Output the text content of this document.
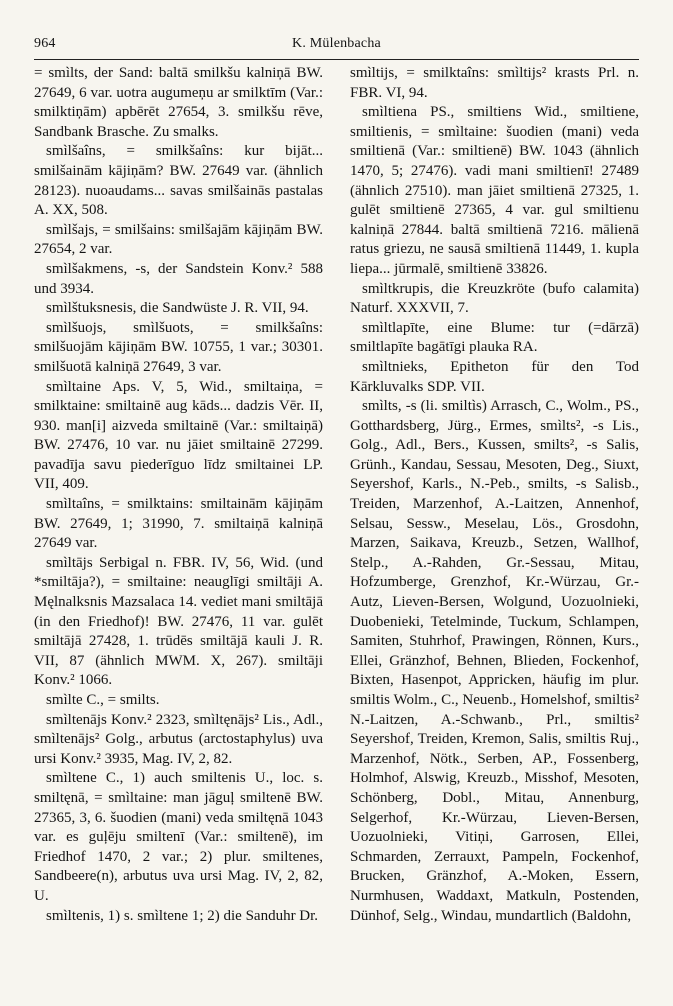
964	K. Mülenbacha

= smìlts, der Sand: baltā smilkšu kalniņā BW. 27649, 6 var. uotra augumeņu ar smilktīm (Var.: smilktiņām) apbērēt 27654, 3. smilkšu rēve, Sandbank Brasche. Zu smalks.

smìlšaîns, = smilkšaîns: kur bijāt... smilšainām kājiņām? BW. 27649 var. (ähnlich 28123). nuoaudams... savas smilšainās pastalas A. XX, 508.

smìlšajs, = smilšains: smilšajām kājiņām BW. 27654, 2 var.

smìlšakmens, -s, der Sandstein Konv.² 588 und 3934.

smìlštuksnesis, die Sandwüste J. R. VII, 94.

smìlšuojs, smìlšuots, = smilkšaîns: smilšuojām kājiņām BW. 10755, 1 var.; 30301. smilšuotā kalniņā 27649, 3 var.

smìltaine Aps. V, 5, Wid., smiltaiņa, = smilktaine: smiltainē aug kāds... dadzis Vēr. II, 930. man[i] aizveda smiltainē (Var.: smiltaiņā) BW. 27476, 10 var. nu jāiet smiltainē 27299. pavadīja savu piederīguo līdz smiltainei LP. VII, 409.

smìltaîns, = smilktains: smiltainām kājiņām BW. 27649, 1; 31990, 7. smiltaiņā kalniņā 27649 var.

smìltājs Serbigal n. FBR. IV, 56, Wid. (und *smiltāja?), = smiltaine: neauglīgi smiltāji A. Męlnalksnis Mazsalaca 14. vediet mani smiltājā (in den Friedhof)! BW. 27476, 11 var. gulēt smiltājā 27428, 1. trūdēs smiltājā kauli J. R. VII, 87 (ähnlich MWM. X, 267). smiltāji Konv.² 1066.

smìlte C., = smilts.

smìltenājs Konv.² 2323, smìltęnājs² Lis., Adl., smìltenājs² Golg., arbutus (arctostaphylus) uva ursi Konv.² 3935, Mag. IV, 2, 82.

smìltene C., 1) auch smiltenis U., loc. s. smiltęnā, = smìltaine: man jāguļ smiltenē BW. 27365, 3, 6. šuodien (mani) veda smiltęnā 1043 var. es guļēju smiltenī (Var.: smiltenē), im Friedhof 1470, 2 var.; 2) plur. smiltenes, Sandbeere(n), arbutus uva ursi Mag. IV, 2, 82, U.

smìltenis, 1) s. smìltene 1; 2) die Sanduhr Dr.

smìltijs, = smilktaîns: smìltijs² krasts Prl. n. FBR. VI, 94.

smìltiena PS., smiltiens Wid., smiltiene, smiltienis, = smìltaine: šuodien (mani) veda smiltienā (Var.: smiltienē) BW. 1043 (ähnlich 1470, 5; 27476). vadi mani smiltienī! 27489 (ähnlich 27510). man jāiet smiltienā 27325, 1. gulēt smiltienē 27365, 4 var. gul smiltienu kalniņā 27844. baltā smiltienā 7216. mālienā ratus griezu, ne sausā smiltienā 11449, 1. kupla liepa... jūrmalē, smiltienē 33826.

smìltkrupis, die Kreuzkröte (bufo calamita) Naturf. XXXVII, 7.

smìltlapīte, eine Blume: tur (=dārzā) smiltlapīte bagātīgi plauka RA.

smìltnieks, Epitheton für den Tod Kārkluvalks SDP. VII.

smìlts, -s (li. smiltìs) Arrasch, C., Wolm., PS., Gotthardsberg, Jürg., Ermes, smìlts², -s Lis., Golg., Adl., Bers., Kussen, smilts², -s Salis, Grünh., Kandau, Sessau, Mesoten, Deg., Siuxt, Seyershof, Karls., N.-Peb., smilts, -s Salisb., Treiden, Marzenhof, A.-Laitzen, Annenhof, Selsau, Sessw., Meselau, Lös., Grosdohn, Marzen, Saikava, Kreuzb., Setzen, Wallhof, Stelp., A.-Rahden, Gr.-Sessau, Mitau, Hofzumberge, Grenzhof, Kr.-Würzau, Gr.-Autz, Lieven-Bersen, Wolgund, Uozuolnieki, Duobenieki, Tetelminde, Tuckum, Schlampen, Samiten, Stuhrhof, Prawingen, Rönnen, Kurs., Ellei, Gränzhof, Behnen, Blieden, Fockenhof, Bixten, Hasenpot, Appricken, häufig im plur. smiltis Wolm., C., Neuenb., Homelshof, smiltis² N.-Laitzen, A.-Schwanb., Prl., smiltis² Seyershof, Treiden, Kremon, Salis, smiltis Ruj., Marzenhof, Nötk., Serben, AP., Fossenberg, Holmhof, Alswig, Kreuzb., Misshof, Mesoten, Schönberg, Dobl., Mitau, Annenburg, Selgerhof, Kr.-Würzau, Lieven-Bersen, Uozuolnieki, Vitiņi, Garrosen, Ellei, Schmarden, Zerrauxt, Pampeln, Fockenhof, Brucken, Gränzhof, A.-Moken, Essern, Nurmhusen, Waddaxt, Matkuln, Postenden, Dünhof, Selg., Windau, mundartlich (Baldohn,
